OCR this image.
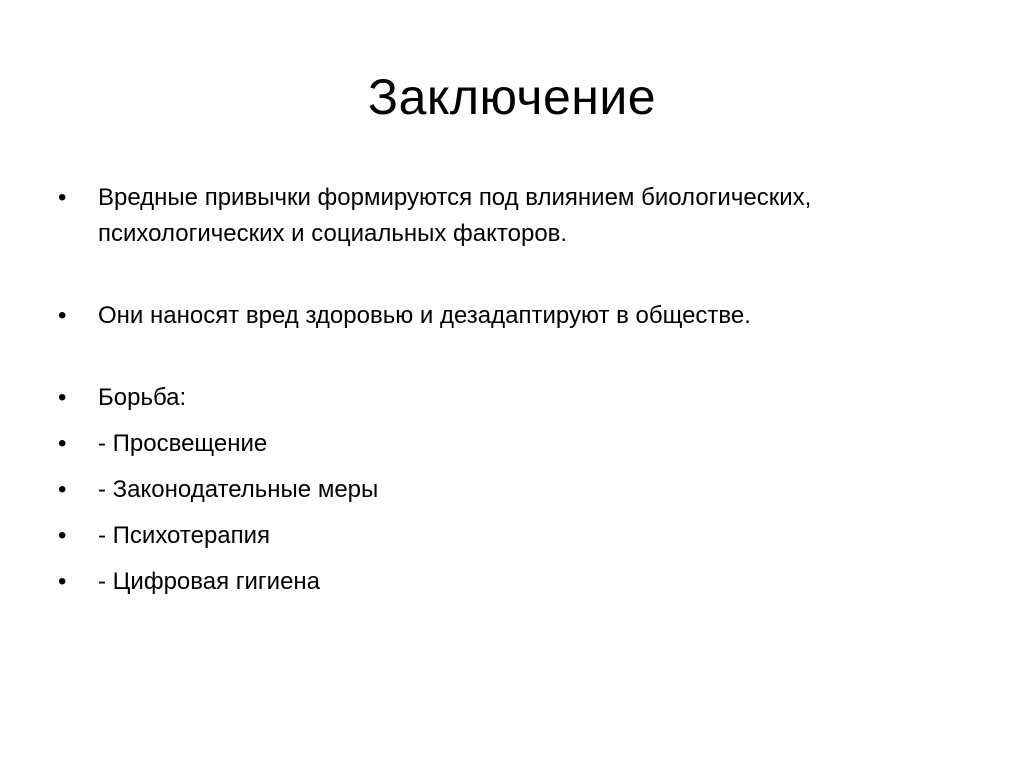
Заключение
•	Вредные привычки формируются под влиянием биологических, психологических и социальных факторов.
•	Они наносят вред здоровью и дезадаптируют в обществе.
•	Борьба:
•	- Просвещение
•	- Законодательные меры
•	- Психотерапия
•	- Цифровая гигиена
